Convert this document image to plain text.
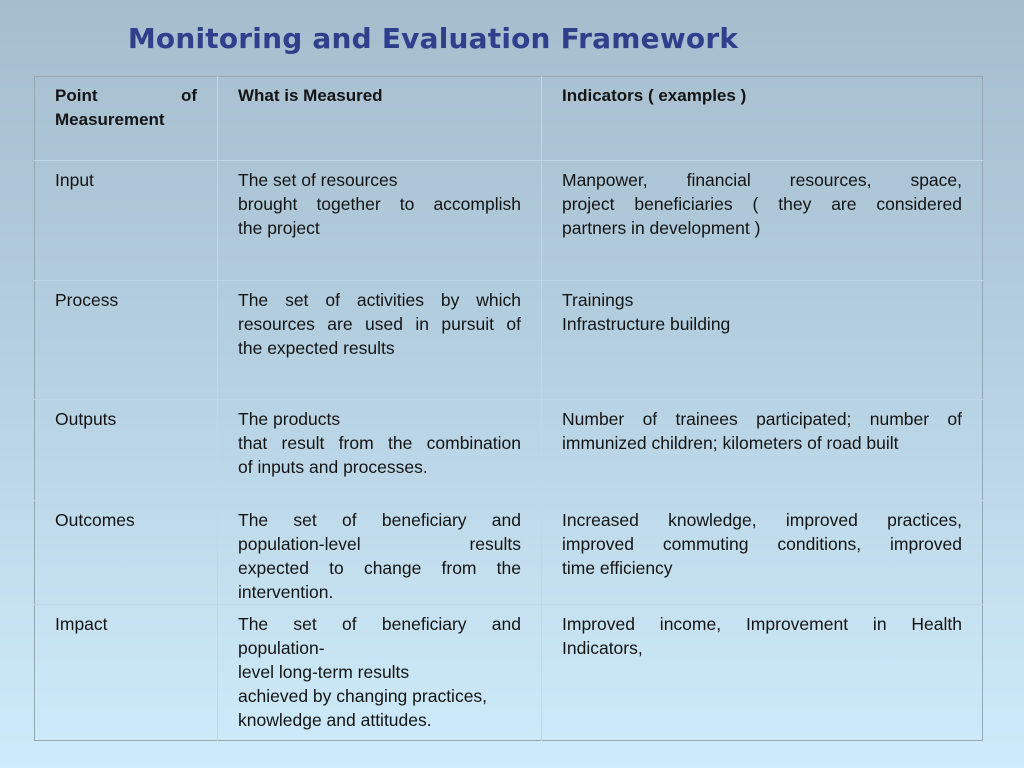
Monitoring and Evaluation Framework
Point of
Measurement	What is Measured	Indicators ( examples )
Input	The set of resources
brought together to accomplish
the project	Manpower, financial resources, space,
project beneficiaries ( they are considered
partners in development )

Process	The set of activities by which
resources are used in pursuit of
the expected results	Trainings
Infrastructure building

Outputs	The products
that result from the combination
of inputs and processes.	Number of trainees participated; number of
immunized children; kilometers of road built

Outcomes	The set of beneficiary and
population-level results
expected to change from the
intervention.	Increased knowledge, improved practices,
improved commuting conditions, improved
time efficiency

Impact	The set of beneficiary and
population-
level long-term results
achieved by changing practices,
knowledge and attitudes.	Improved income, Improvement in Health
Indicators,
